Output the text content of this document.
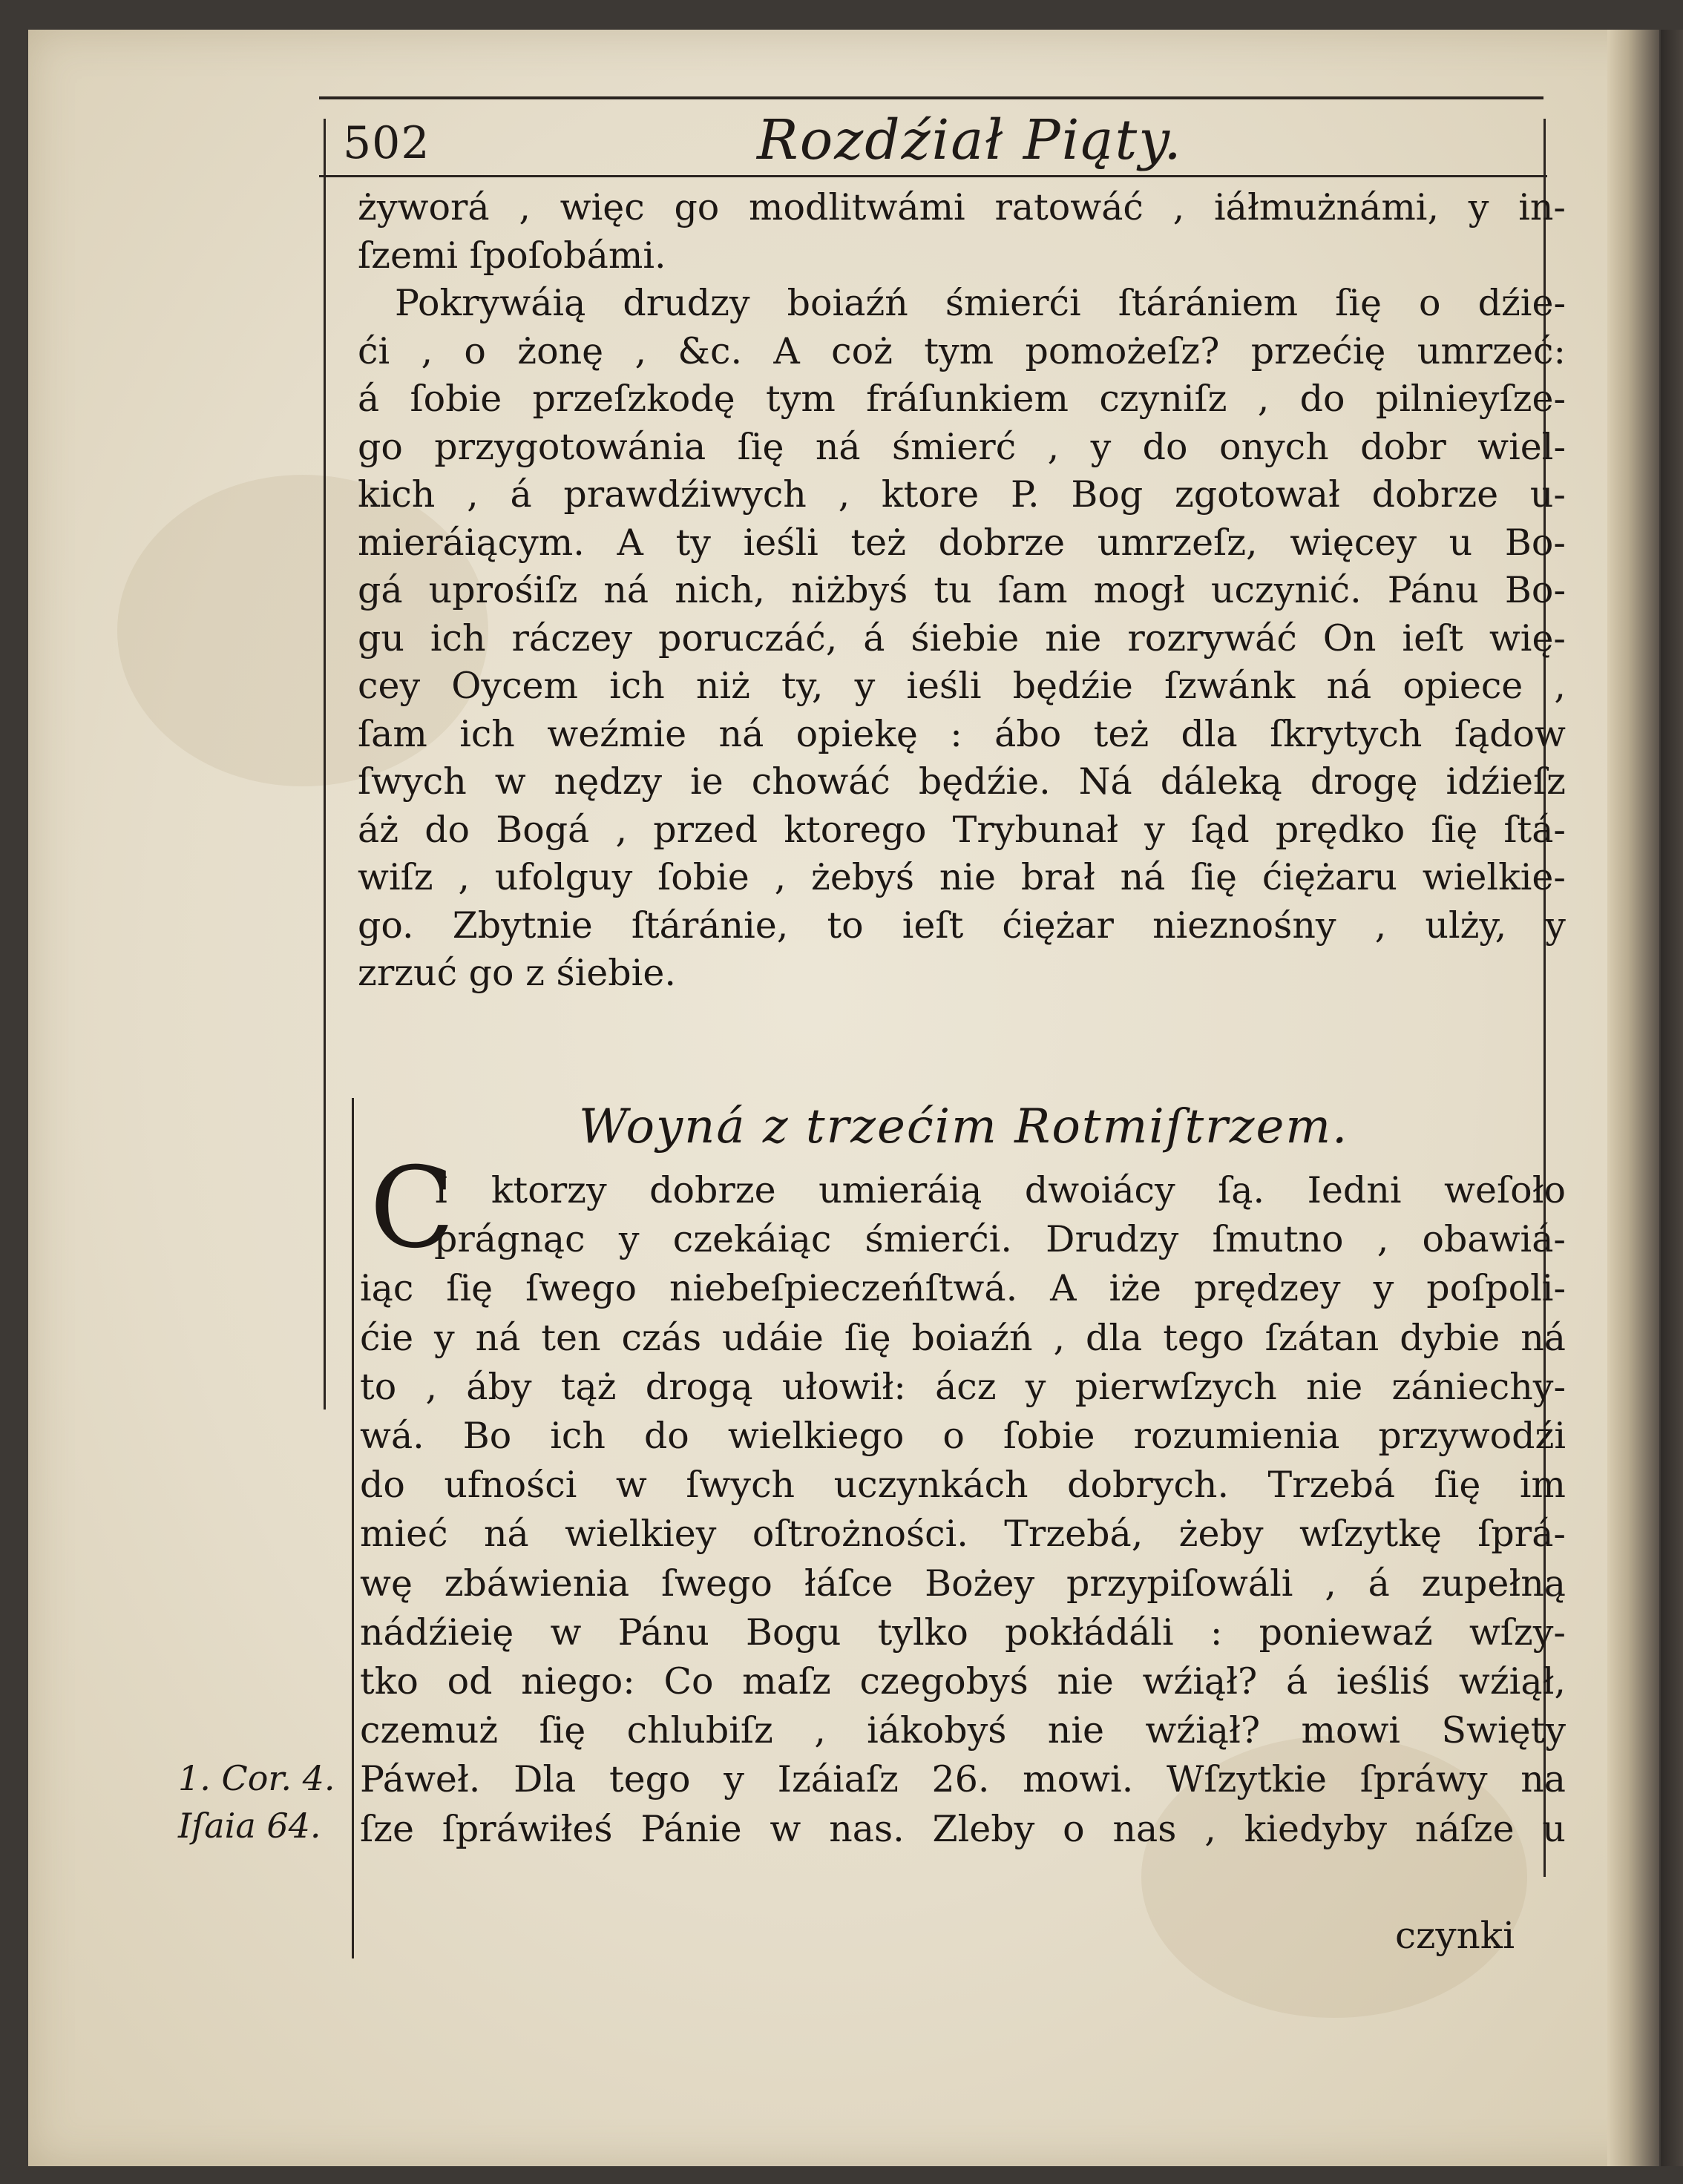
502	Rozdźiał Piąty.
żyworá , więc go modlitwámi ratowáć , iáłmużnámi, y in-
ſzemi ſpoſobámi.
Pokrywáią drudzy boiaźń śmierći ſtárániem ſię o dźie-
ći , o żonę , &c. A coż tym pomożeſz? przećię umrzeć:
á ſobie przeſzkodę tym fráſunkiem czyniſz , do pilnieyſze-
go przygotowánia ſię ná śmierć , y do onych dobr wiel-
kich , á prawdźiwych , ktore P. Bog zgotował dobrze u-
mieráiącym. A ty ieśli też dobrze umrzeſz, więcey u Bo-
gá uprośiſz ná nich, niżbyś tu ſam mogł uczynić. Pánu Bo-
gu ich ráczey poruczáć, á śiebie nie rozrywáć On ieſt wię-
cey Oycem ich niż ty, y ieśli będźie ſzwánk ná opiece ,
ſam ich weźmie ná opiekę : ábo też dla ſkrytych ſądow
ſwych w nędzy ie chowáć będźie. Ná dáleką drogę idźieſz
áż do Bogá , przed ktorego Trybunał y ſąd prędko ſię ſtá-
wiſz , ufolguy ſobie , żebyś nie brał ná ſię ćiężaru wielkie-
go. Zbytnie ſtáránie, to ieſt ćiężar nieznośny , ulży, y
zrzuć go z śiebie.
Woyná z trzećim Rotmiſtrzem.
C
I ktorzy dobrze umieráią dwoiácy ſą. Iedni weſoło
prágnąc y czekáiąc śmierći. Drudzy ſmutno , obawiá-
iąc ſię ſwego niebeſpieczeńſtwá. A iże prędzey y poſpoli-
ćie y ná ten czás udáie ſię boiaźń , dla tego ſzátan dybie ná
to , áby tąż drogą ułowił: ácz y pierwſzych nie zániechy-
wá. Bo ich do wielkiego o ſobie rozumienia przywodźi
do ufności w ſwych uczynkách dobrych. Trzebá ſię im
mieć ná wielkiey oſtrożności. Trzebá, żeby wſzytkę ſprá-
wę zbáwienia ſwego łáſce Bożey przypiſowáli , á zupełną
nádźieię w Pánu Bogu tylko pokłádáli : poniewaź wſzy-
tko od niego: Co maſz czegobyś nie wźiął? á ieśliś wźiął,
czemuż ſię chlubiſz , iákobyś nie wźiął? mowi Swięty
Páweł. Dla tego y Izáiaſz 26. mowi. Wſzytkie ſpráwy na
ſze ſpráwiłeś Pánie w nas. Zleby o nas , kiedyby náſze u
1. Cor. 4.
Iſaia 64.
czynki
